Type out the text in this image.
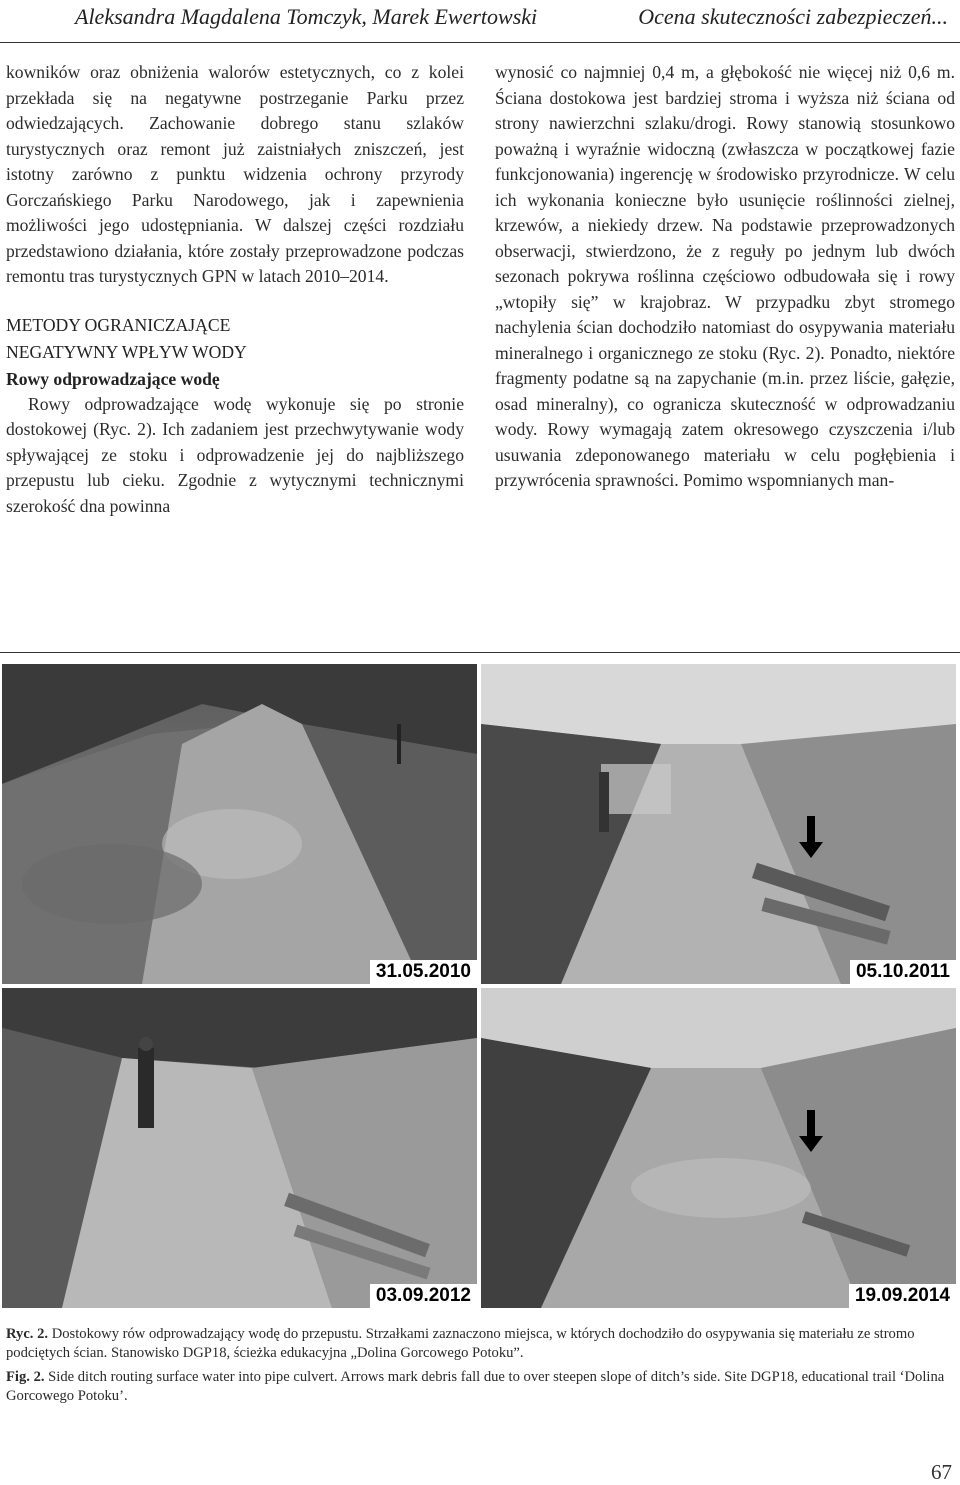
Aleksandra Magdalena Tomczyk, Marek Ewertowski	Ocena skuteczności zabezpieczeń...

kowników oraz obniżenia walorów estetycznych, co z kolei przekłada się na negatywne postrzeganie Parku przez odwiedzających. Zachowanie dobrego stanu szlaków turystycznych oraz remont już zaistniałych zniszczeń, jest istotny zarówno z punktu widzenia ochrony przyrody Gorczańskiego Parku Narodowego, jak i zapewnienia możliwości jego udostępniania. W dalszej części rozdziału przedstawiono działania, które zostały przeprowadzone podczas remontu tras turystycznych GPN w latach 2010–2014.

METODY OGRANICZAJĄCE
NEGATYWNY WPŁYW WODY
Rowy odprowadzające wodę

Rowy odprowadzające wodę wykonuje się po stronie dostokowej (Ryc. 2). Ich zadaniem jest przechwytywanie wody spływającej ze stoku i odprowadzenie jej do najbliższego przepustu lub cieku. Zgodnie z wytycznymi technicznymi szerokość dna powinna

wynosić co najmniej 0,4 m, a głębokość nie więcej niż 0,6 m. Ściana dostokowa jest bardziej stroma i wyższa niż ściana od strony nawierzchni szlaku/drogi. Rowy stanowią stosunkowo poważną i wyraźnie widoczną (zwłaszcza w początkowej fazie funkcjonowania) ingerencję w środowisko przyrodnicze. W celu ich wykonania konieczne było usunięcie roślinności zielnej, krzewów, a niekiedy drzew. Na podstawie przeprowadzonych obserwacji, stwierdzono, że z reguły po jednym lub dwóch sezonach pokrywa roślinna częściowo odbudowała się i rowy „wtopiły się” w krajobraz. W przypadku zbyt stromego nachylenia ścian dochodziło natomiast do osypywania materiału mineralnego i organicznego ze stoku (Ryc. 2). Ponadto, niektóre fragmenty podatne są na zapychanie (m.in. przez liście, gałęzie, osad mineralny), co ogranicza skuteczność w odprowadzaniu wody. Rowy wymagają zatem okresowego czyszczenia i/lub usuwania zdeponowanego materiału w celu pogłębienia i przywrócenia sprawności. Pomimo wspomnianych man-

31.05.2010	05.10.2011
03.09.2012	19.09.2014
Ryc. 2. Dostokowy rów odprowadzający wodę do przepustu. Strzałkami zaznaczono miejsca, w których dochodziło do osypywania się materiału ze stromo podciętych ścian. Stanowisko DGP18, ścieżka edukacyjna „Dolina Gorcowego Potoku”.
Fig. 2. Side ditch routing surface water into pipe culvert. Arrows mark debris fall due to over steepen slope of ditch’s side. Site DGP18, educational trail ‘Dolina Gorcowego Potoku’.
67
